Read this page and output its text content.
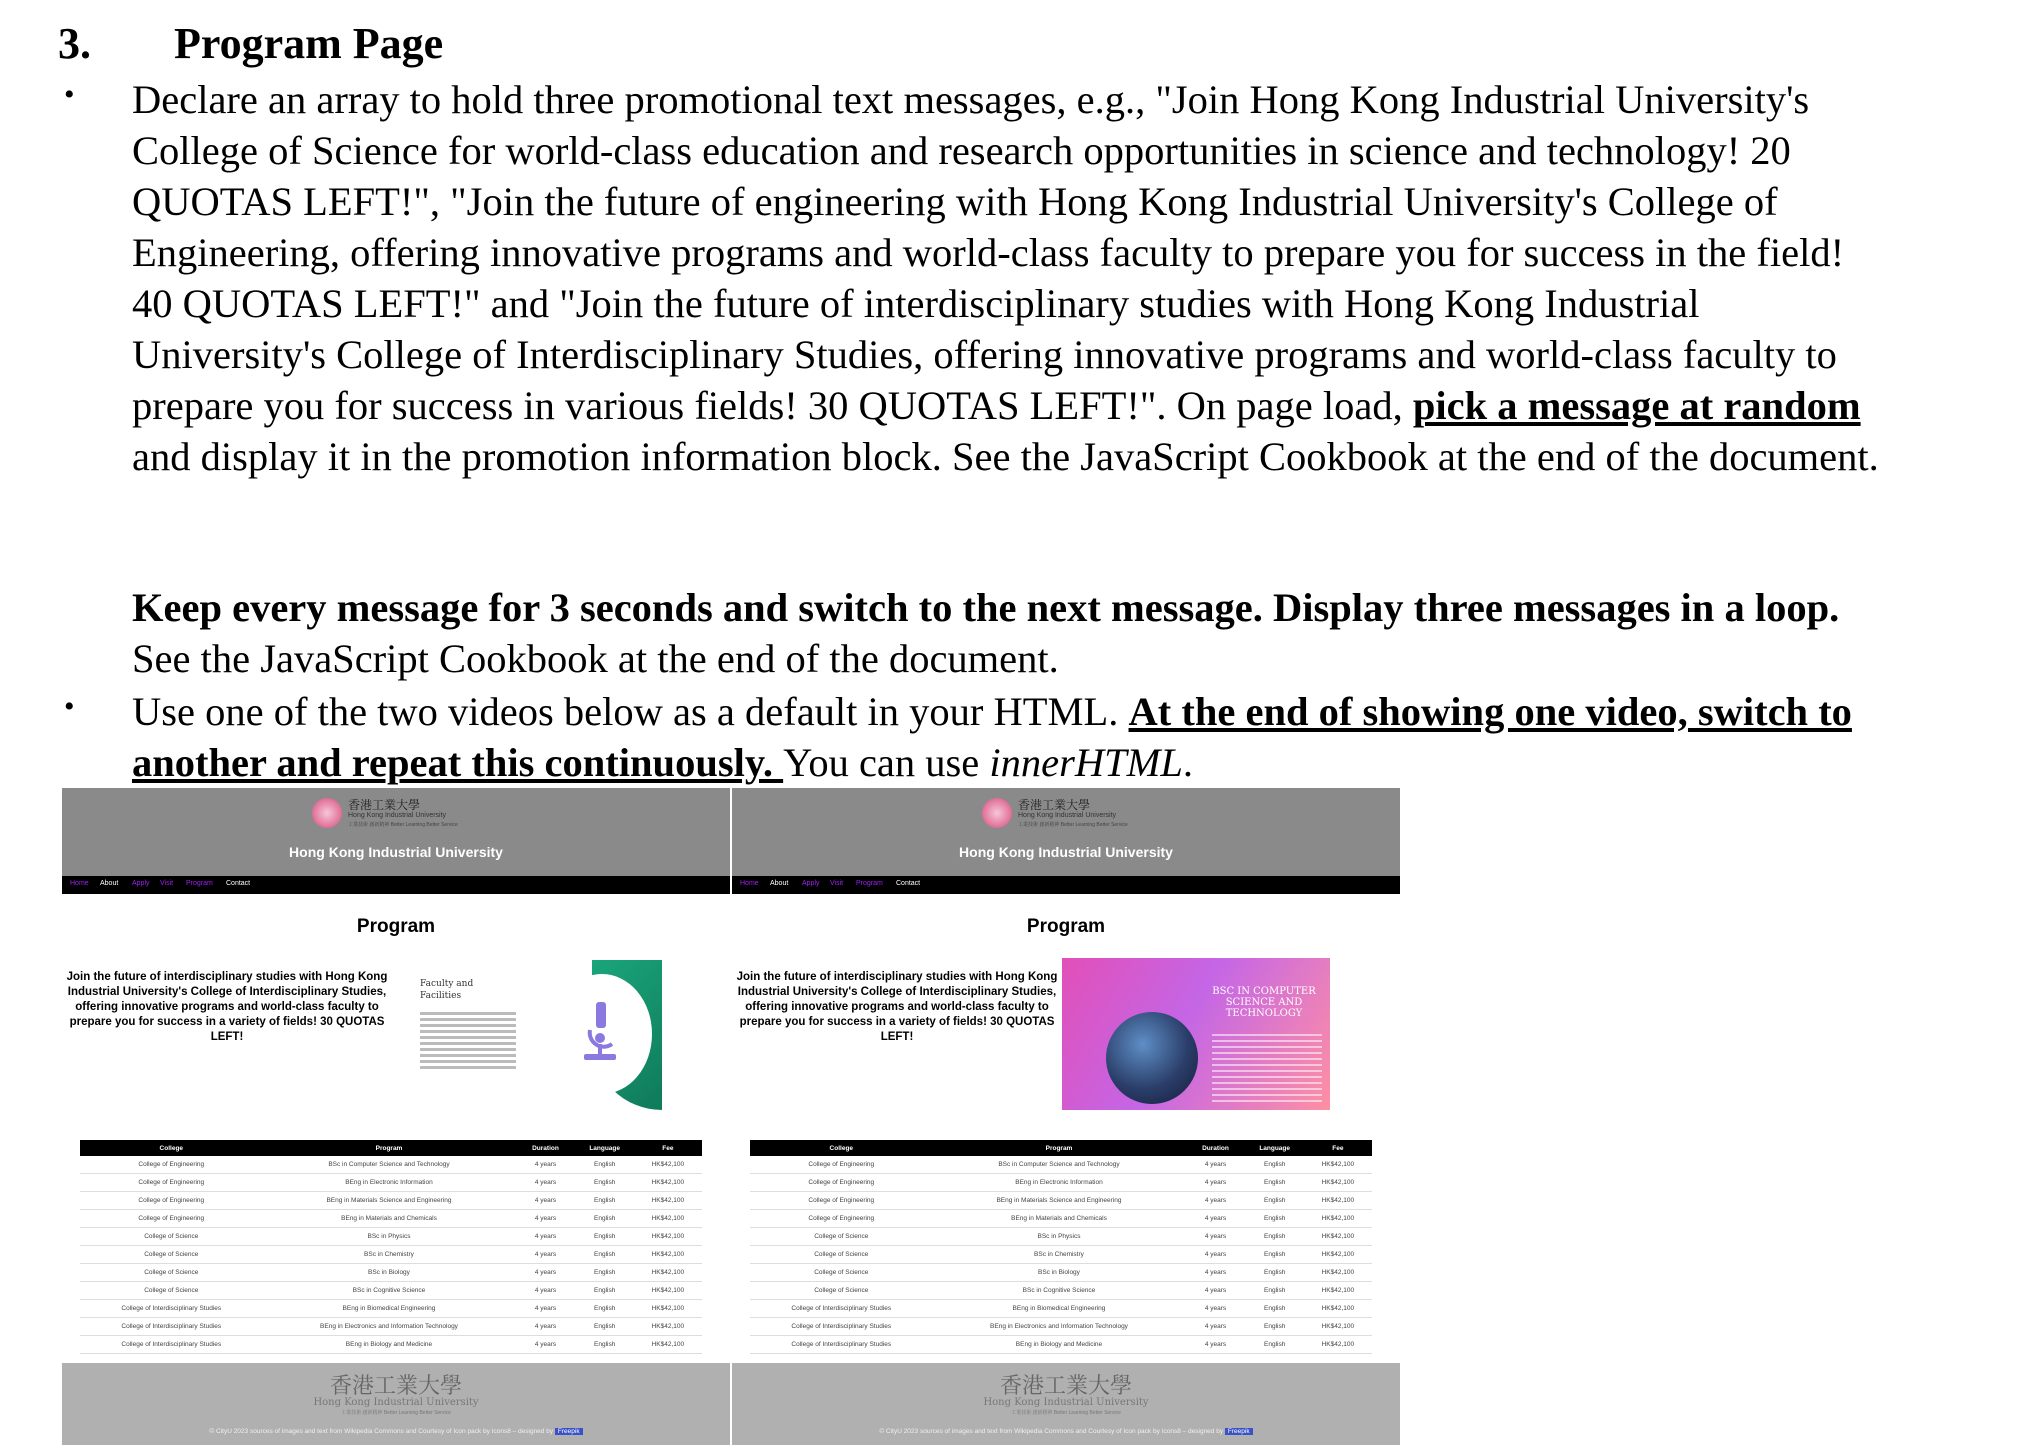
3. Program Page
• Declare an array to hold three promotional text messages, e.g., "Join Hong Kong Industrial University's College of Science for world-class education and research opportunities in science and technology! 20 QUOTAS LEFT!", "Join the future of engineering with Hong Kong Industrial University's College of Engineering, offering innovative programs and world-class faculty to prepare you for success in the field! 40 QUOTAS LEFT!" and "Join the future of interdisciplinary studies with Hong Kong Industrial University's College of Interdisciplinary Studies, offering innovative programs and world-class faculty to prepare you for success in various fields! 30 QUOTAS LEFT!". On page load, pick a message at random and display it in the promotion information block. See the JavaScript Cookbook at the end of the document.
Keep every message for 3 seconds and switch to the next message. Display three messages in a loop. See the JavaScript Cookbook at the end of the document.
• Use one of the two videos below as a default in your HTML. At the end of showing one video, switch to another and repeat this continuously. You can use innerHTML.
香港工業大學
Hong Kong Industrial University
工業技術 創新精神 Better Learning Better Service
Hong Kong Industrial University
Home About Apply Visit Program Contact
Program
Join the future of interdisciplinary studies with Hong Kong Industrial University's College of Interdisciplinary Studies, offering innovative programs and world-class faculty to prepare you for success in a variety of fields! 30 QUOTAS LEFT!
Faculty and Facilities
College	Program	Duration	Language	Fee
College of Engineering	BSc in Computer Science and Technology	4 years	English	HK$42,100
College of Engineering	BEng in Electronic Information	4 years	English	HK$42,100
College of Engineering	BEng in Materials Science and Engineering	4 years	English	HK$42,100
College of Engineering	BEng in Materials and Chemicals	4 years	English	HK$42,100
College of Science	BSc in Physics	4 years	English	HK$42,100
College of Science	BSc in Chemistry	4 years	English	HK$42,100
College of Science	BSc in Biology	4 years	English	HK$42,100
College of Science	BSc in Cognitive Science	4 years	English	HK$42,100
College of Interdisciplinary Studies	BEng in Biomedical Engineering	4 years	English	HK$42,100
College of Interdisciplinary Studies	BEng in Electronics and Information Technology	4 years	English	HK$42,100
College of Interdisciplinary Studies	BEng in Biology and Medicine	4 years	English	HK$42,100
香港工業大學
Hong Kong Industrial University
工業技術 創新精神 Better Learning Better Service
© CityU 2023 sources of images and text from Wikipedia Commons and Courtesy of Icon pack by Icons8 – designed by Freepik
香港工業大學
Hong Kong Industrial University
工業技術 創新精神 Better Learning Better Service
Hong Kong Industrial University
Home About Apply Visit Program Contact
Program
Join the future of interdisciplinary studies with Hong Kong Industrial University's College of Interdisciplinary Studies, offering innovative programs and world-class faculty to prepare you for success in a variety of fields! 30 QUOTAS LEFT!
BSC IN COMPUTER SCIENCE AND TECHNOLOGY
College	Program	Duration	Language	Fee
College of Engineering	BSc in Computer Science and Technology	4 years	English	HK$42,100
College of Engineering	BEng in Electronic Information	4 years	English	HK$42,100
College of Engineering	BEng in Materials Science and Engineering	4 years	English	HK$42,100
College of Engineering	BEng in Materials and Chemicals	4 years	English	HK$42,100
College of Science	BSc in Physics	4 years	English	HK$42,100
College of Science	BSc in Chemistry	4 years	English	HK$42,100
College of Science	BSc in Biology	4 years	English	HK$42,100
College of Science	BSc in Cognitive Science	4 years	English	HK$42,100
College of Interdisciplinary Studies	BEng in Biomedical Engineering	4 years	English	HK$42,100
College of Interdisciplinary Studies	BEng in Electronics and Information Technology	4 years	English	HK$42,100
College of Interdisciplinary Studies	BEng in Biology and Medicine	4 years	English	HK$42,100
香港工業大學
Hong Kong Industrial University
工業技術 創新精神 Better Learning Better Service
© CityU 2023 sources of images and text from Wikipedia Commons and Courtesy of Icon pack by Icons8 – designed by Freepik
